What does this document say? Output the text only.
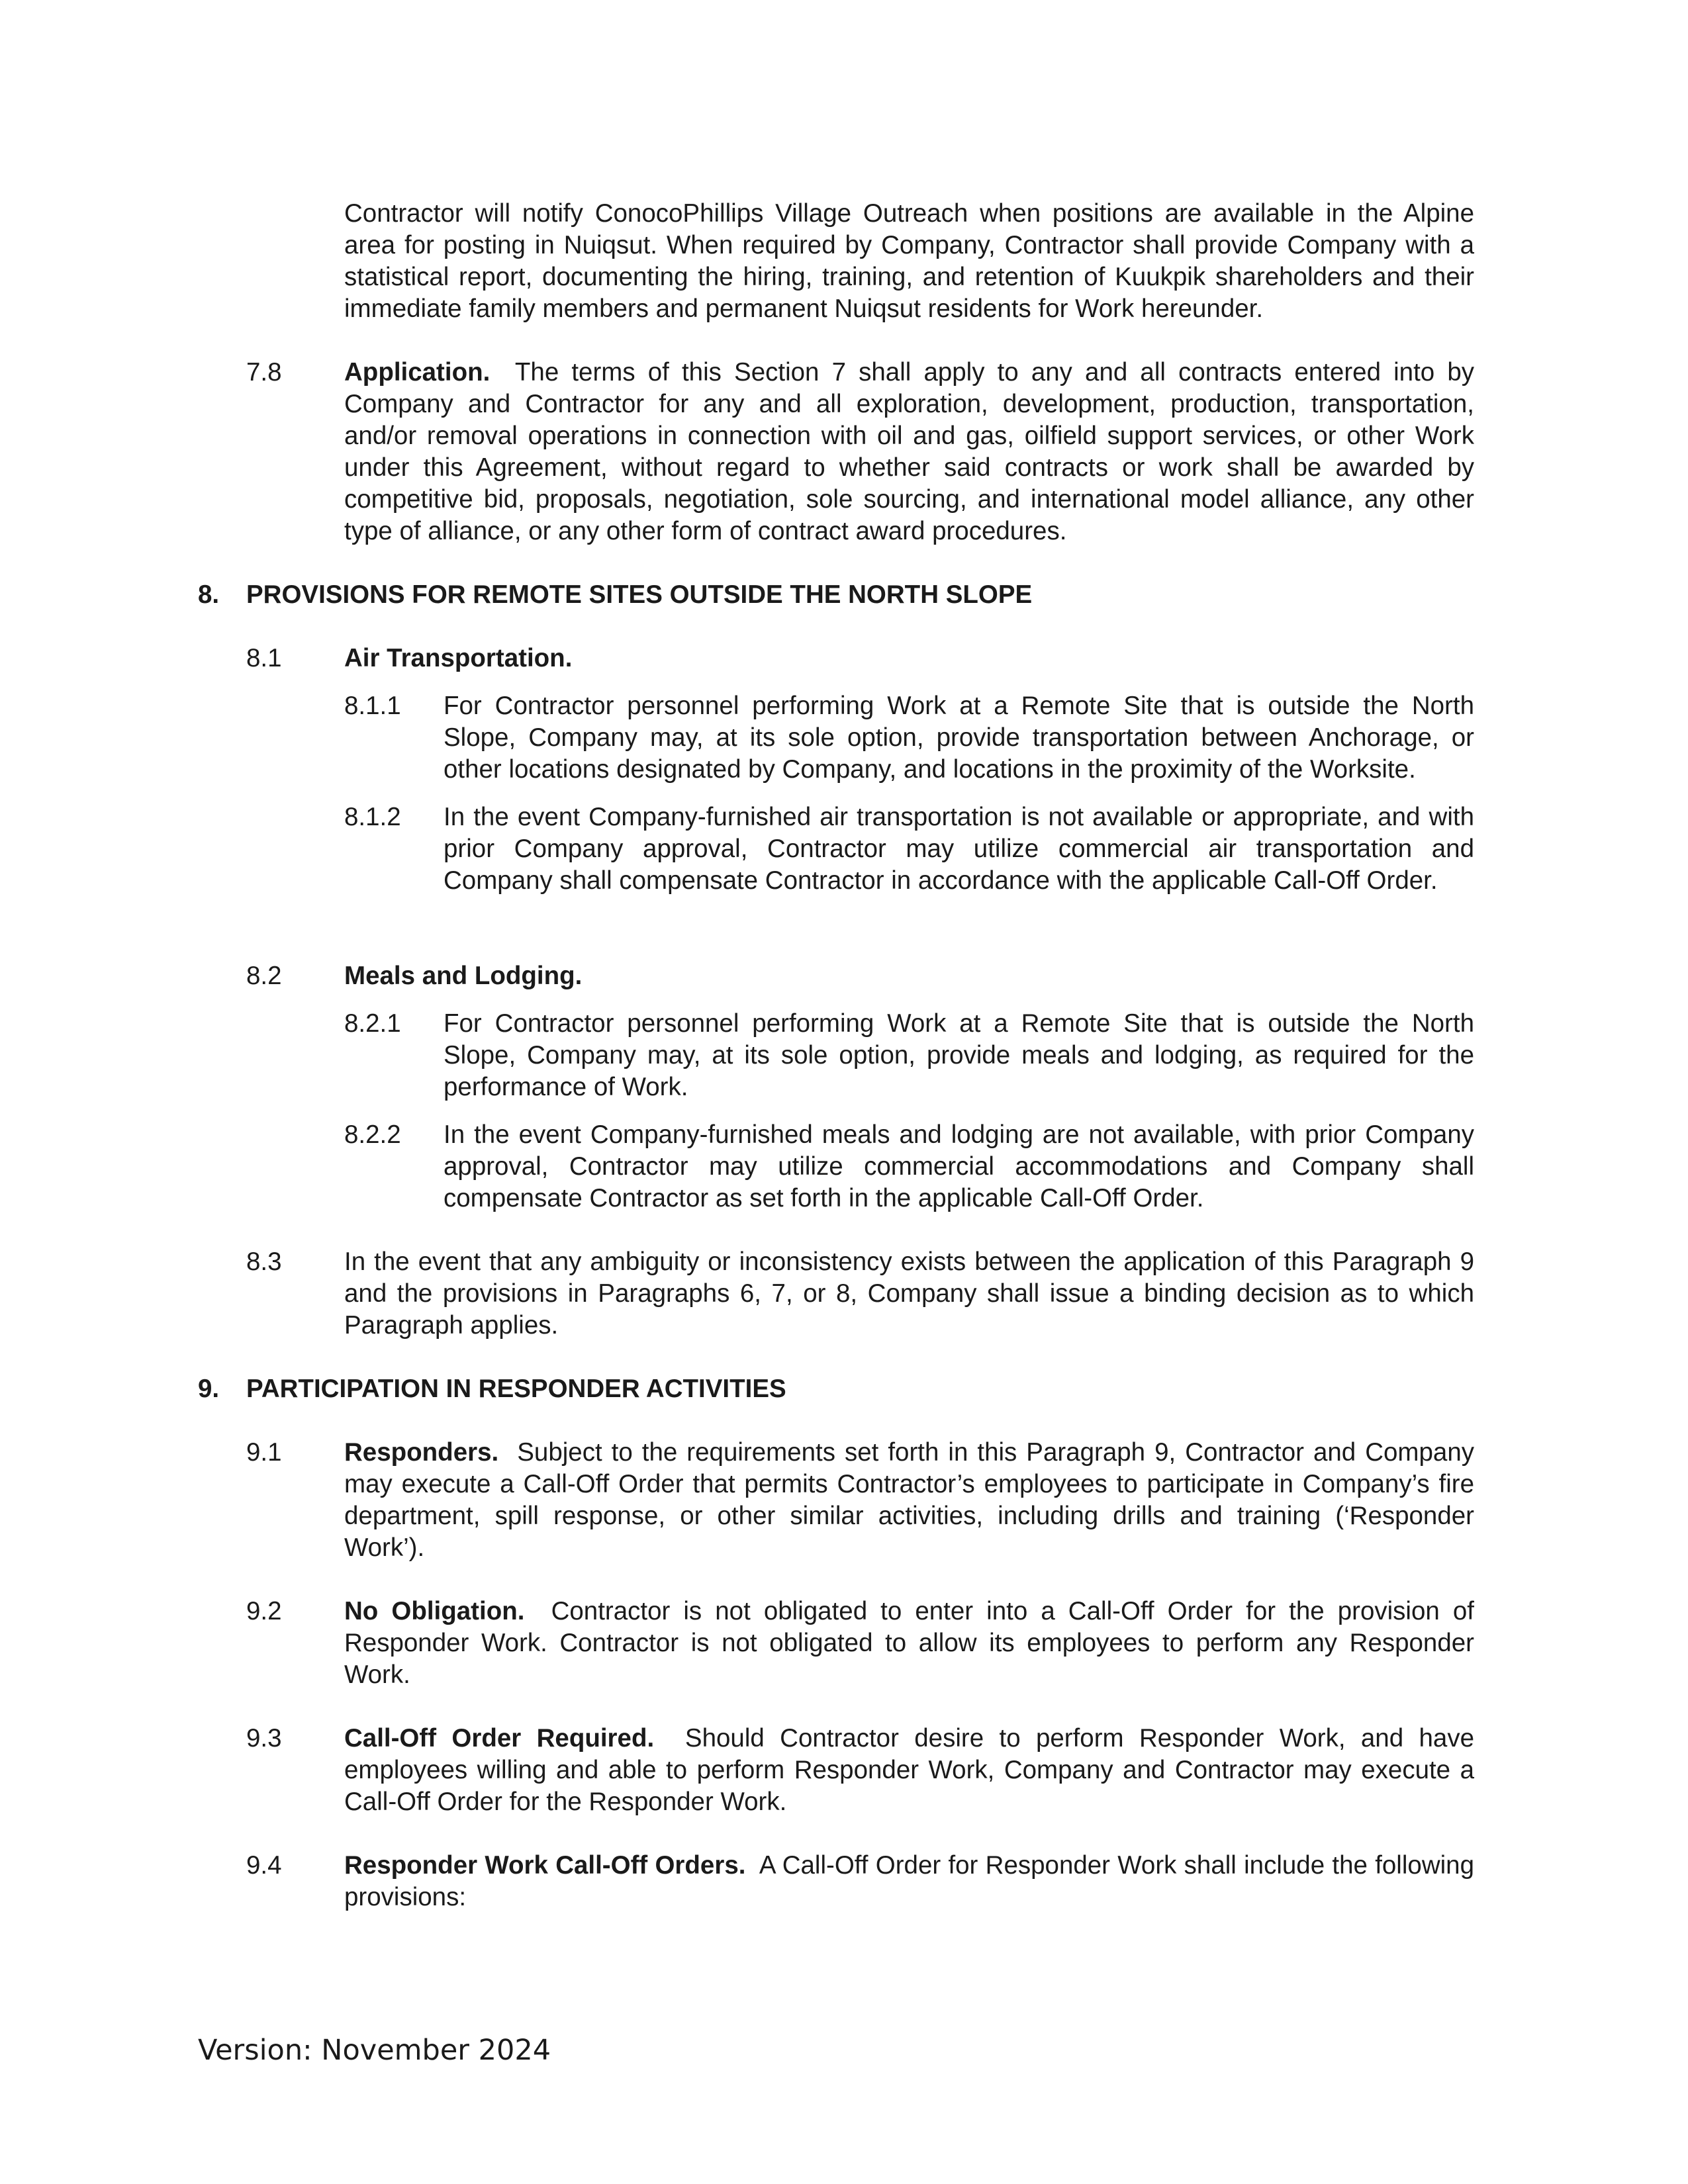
Contractor will notify ConocoPhillips Village Outreach when positions are available in the Alpine area for posting in Nuiqsut. When required by Company, Contractor shall provide Company with a statistical report, documenting the hiring, training, and retention of Kuukpik shareholders and their immediate family members and permanent Nuiqsut residents for Work hereunder.

7.8 Application. The terms of this Section 7 shall apply to any and all contracts entered into by Company and Contractor for any and all exploration, development, production, transportation, and/or removal operations in connection with oil and gas, oilfield support services, or other Work under this Agreement, without regard to whether said contracts or work shall be awarded by competitive bid, proposals, negotiation, sole sourcing, and international model alliance, any other type of alliance, or any other form of contract award procedures.

8. PROVISIONS FOR REMOTE SITES OUTSIDE THE NORTH SLOPE
8.1 Air Transportation.
8.1.1 For Contractor personnel performing Work at a Remote Site that is outside the North Slope, Company may, at its sole option, provide transportation between Anchorage, or other locations designated by Company, and locations in the proximity of the Worksite.

8.1.2 In the event Company-furnished air transportation is not available or appropriate, and with prior Company approval, Contractor may utilize commercial air transportation and Company shall compensate Contractor in accordance with the applicable Call-Off Order.

8.2 Meals and Lodging.
8.2.1 For Contractor personnel performing Work at a Remote Site that is outside the North Slope, Company may, at its sole option, provide meals and lodging, as required for the performance of Work.

8.2.2 In the event Company-furnished meals and lodging are not available, with prior Company approval, Contractor may utilize commercial accommodations and Company shall compensate Contractor as set forth in the applicable Call-Off Order.

8.3 In the event that any ambiguity or inconsistency exists between the application of this Paragraph 9 and the provisions in Paragraphs 6, 7, or 8, Company shall issue a binding decision as to which Paragraph applies.

9. PARTICIPATION IN RESPONDER ACTIVITIES
9.1 Responders. Subject to the requirements set forth in this Paragraph 9, Contractor and Company may execute a Call-Off Order that permits Contractor’s employees to participate in Company’s fire department, spill response, or other similar activities, including drills and training (‘Responder Work’).

9.2 No Obligation. Contractor is not obligated to enter into a Call-Off Order for the provision of Responder Work. Contractor is not obligated to allow its employees to perform any Responder Work.

9.3 Call-Off Order Required. Should Contractor desire to perform Responder Work, and have employees willing and able to perform Responder Work, Company and Contractor may execute a Call-Off Order for the Responder Work.

9.4 Responder Work Call-Off Orders. A Call-Off Order for Responder Work shall include the following provisions:

Version: November 2024
